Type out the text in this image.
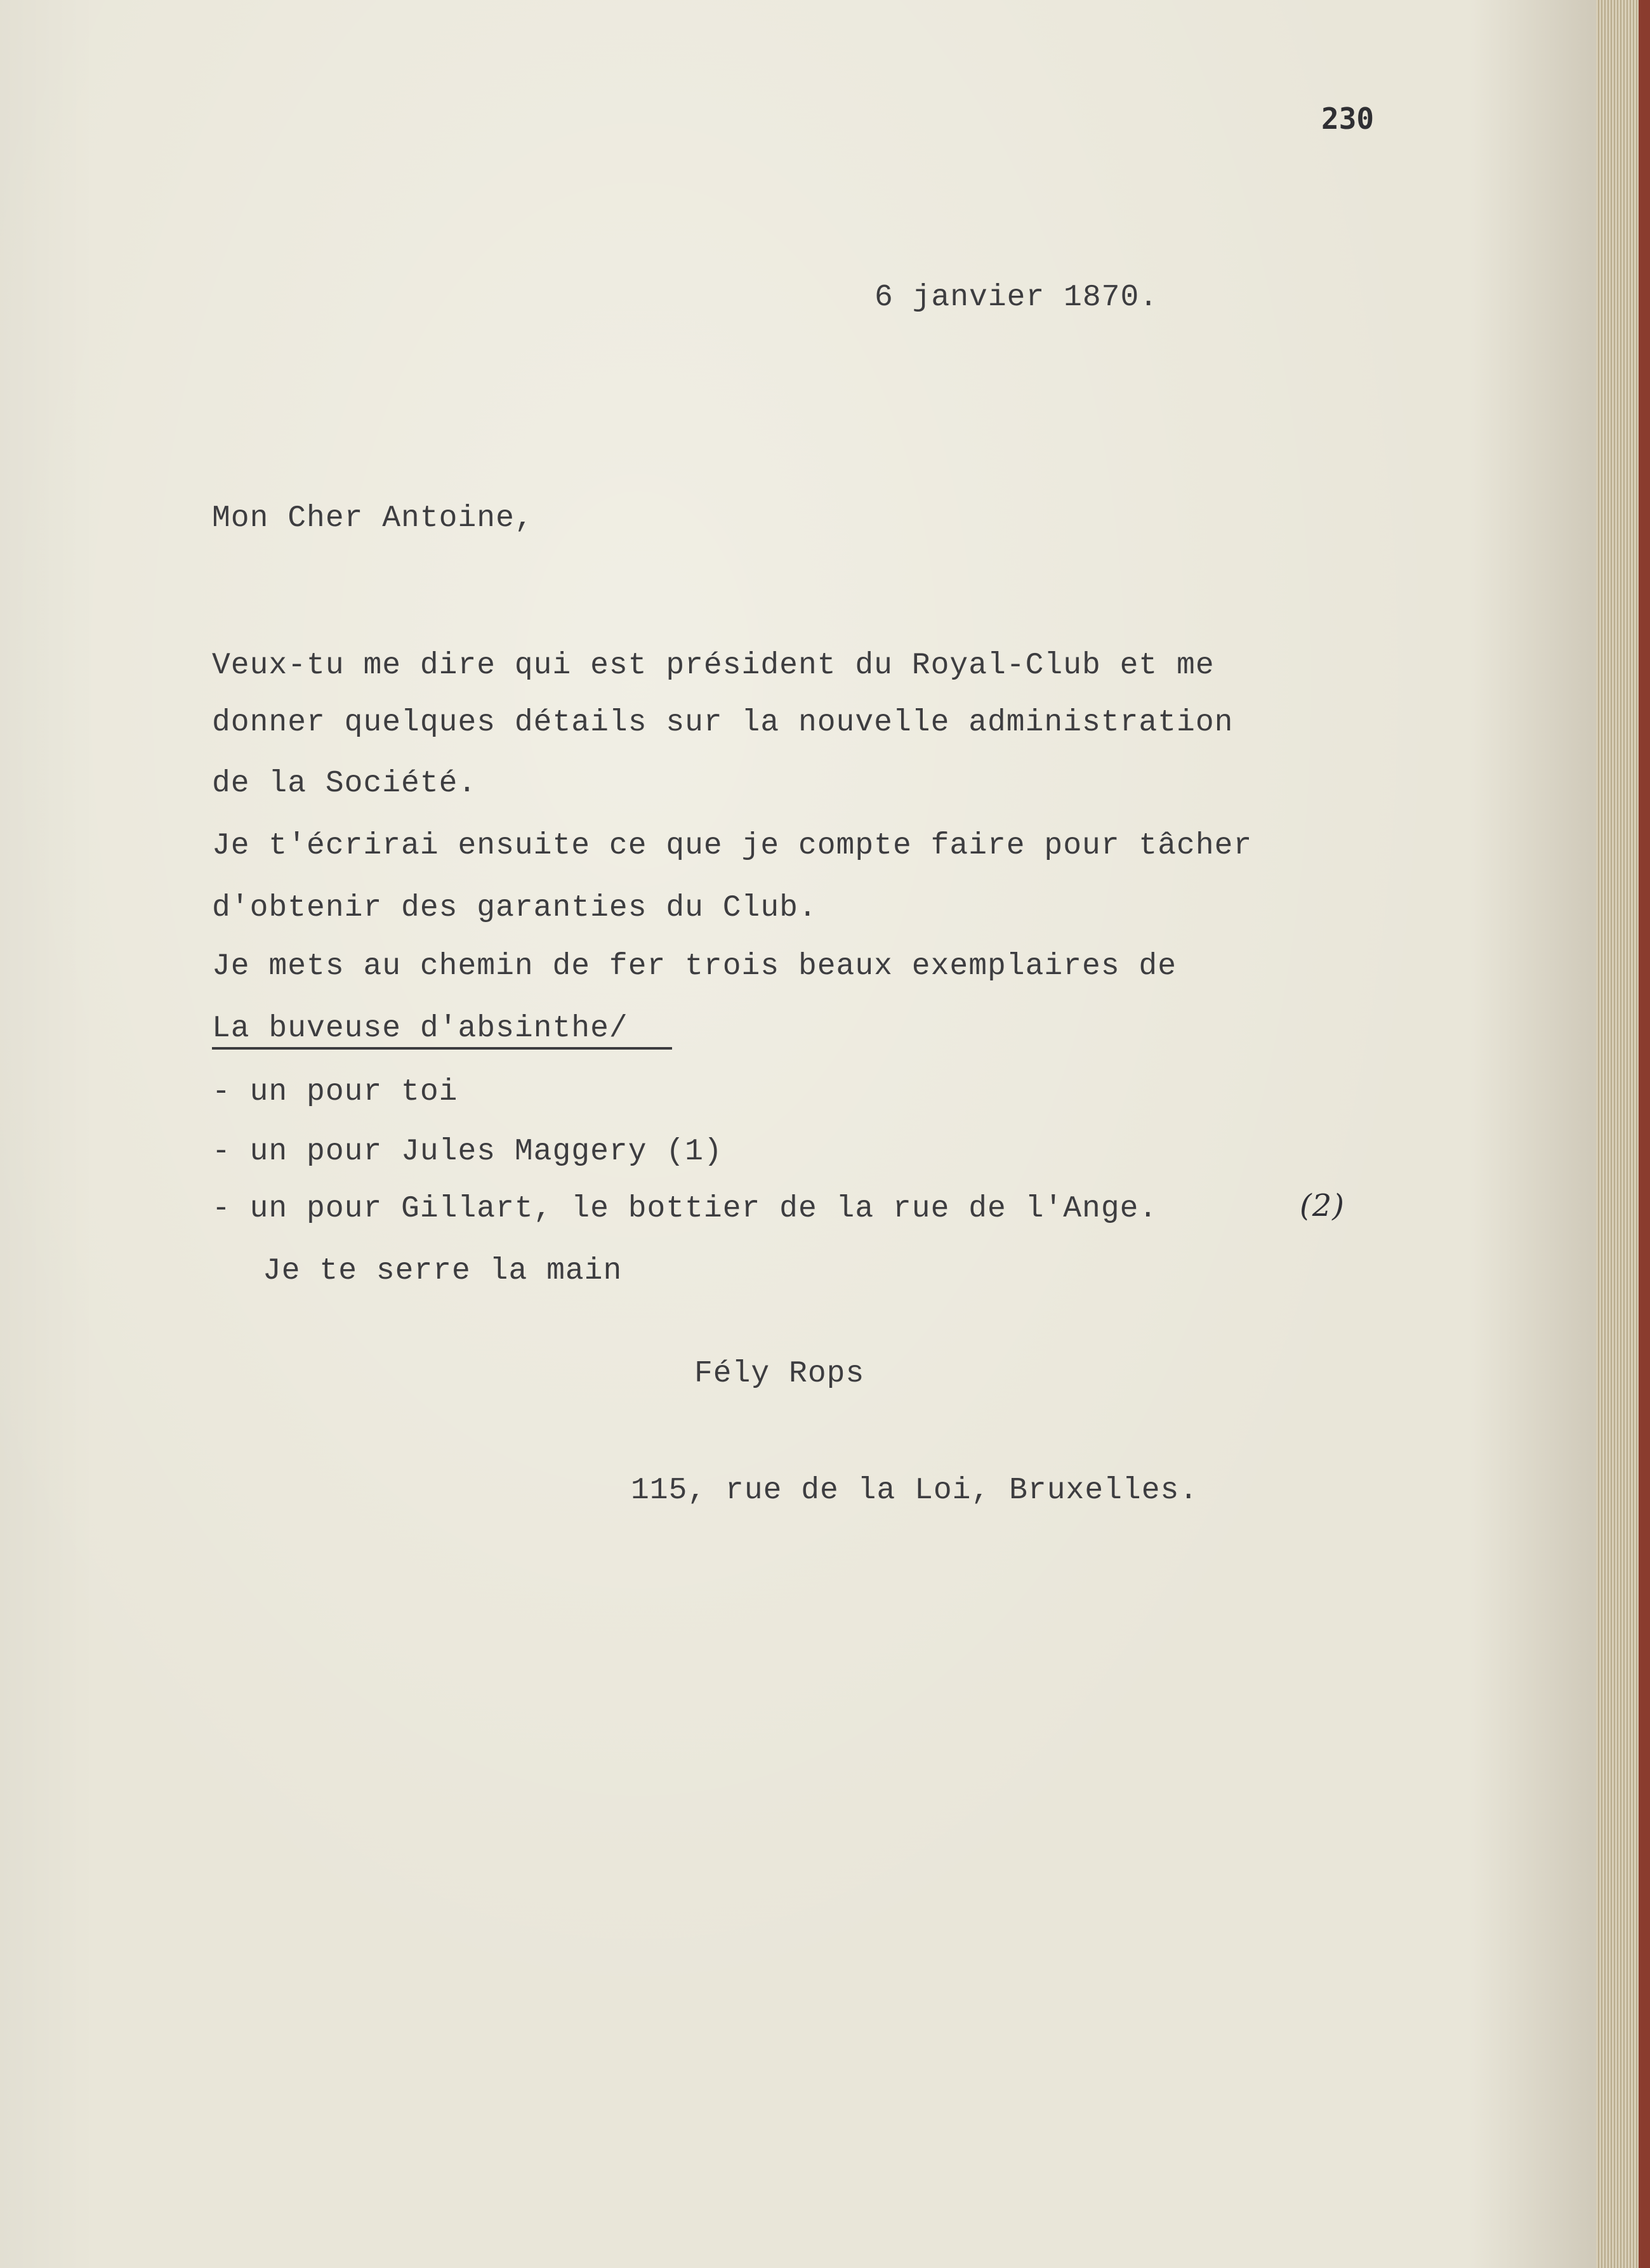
230
6 janvier 1870.
Mon Cher Antoine,
Veux-tu me dire qui est président du Royal-Club et me
donner quelques détails sur la nouvelle administration
de la Société.
Je t'écrirai ensuite ce que je compte faire pour tâcher
d'obtenir des garanties du Club.
Je mets au chemin de fer trois beaux exemplaires de
La buveuse d'absinthe/
- un pour toi
- un pour Jules Maggery (1)
- un pour Gillart, le bottier de la rue de l'Ange.	(2)
Je te serre la main
Fély Rops
115, rue de la Loi, Bruxelles.
